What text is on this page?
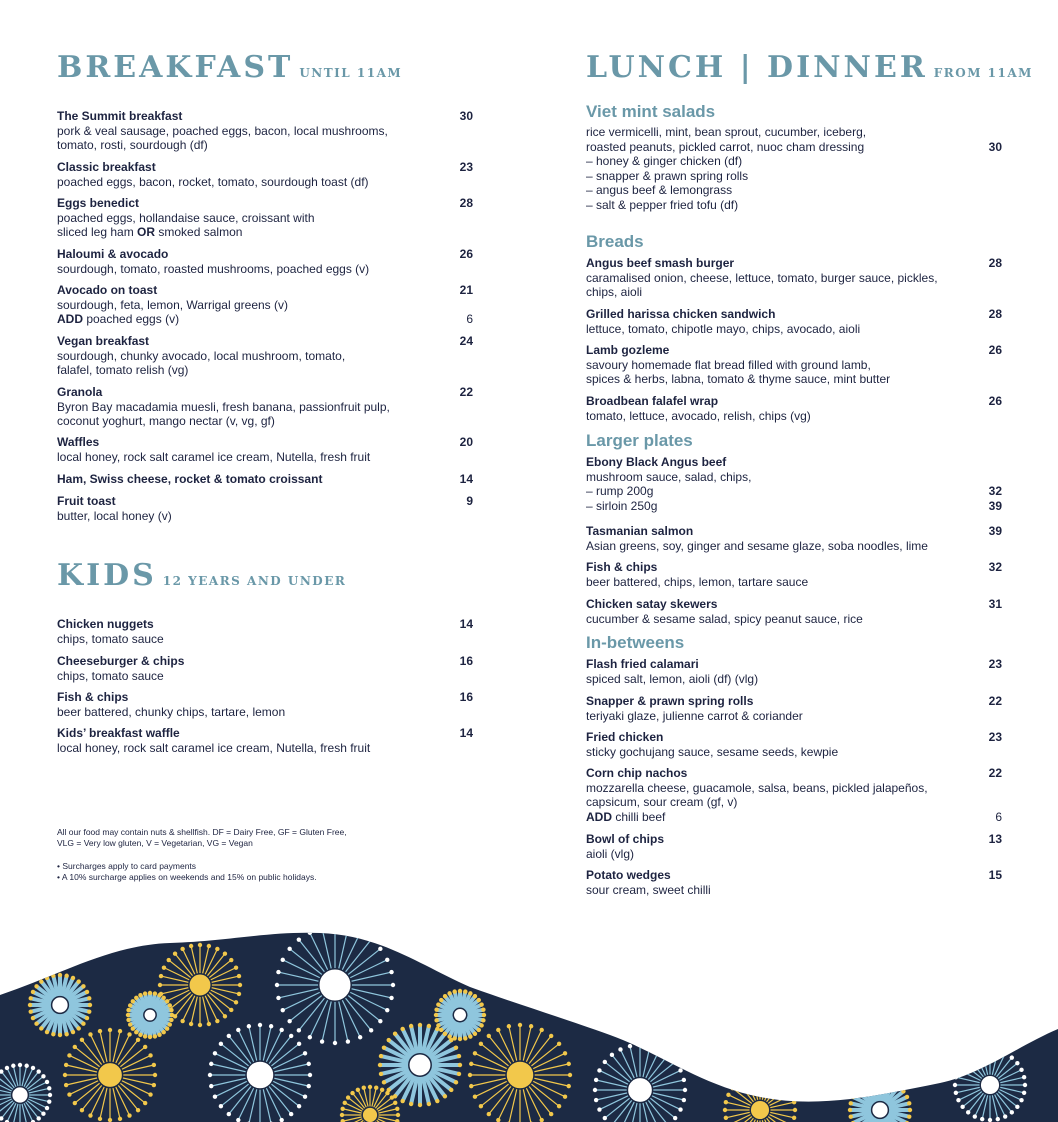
BREAKFAST UNTIL 11AM
The Summit breakfast	30
pork & veal sausage, poached eggs, bacon, local mushrooms,
tomato, rosti, sourdough (df)
Classic breakfast	23
poached eggs, bacon, rocket, tomato, sourdough toast (df)
Eggs benedict	28
poached eggs, hollandaise sauce, croissant with
sliced leg ham OR smoked salmon
Haloumi & avocado	26
sourdough, tomato, roasted mushrooms, poached eggs (v)
Avocado on toast	21
sourdough, feta, lemon, Warrigal greens (v)
ADD poached eggs (v)	6
Vegan breakfast	24
sourdough, chunky avocado, local mushroom, tomato,
falafel, tomato relish (vg)
Granola	22
Byron Bay macadamia muesli, fresh banana, passionfruit pulp,
coconut yoghurt, mango nectar (v, vg, gf)
Waffles	20
local honey, rock salt caramel ice cream, Nutella, fresh fruit
Ham, Swiss cheese, rocket & tomato croissant	14
Fruit toast	9
butter, local honey (v)
KIDS 12 YEARS AND UNDER
Chicken nuggets	14
chips, tomato sauce
Cheeseburger & chips	16
chips, tomato sauce
Fish & chips	16
beer battered, chunky chips, tartare, lemon
Kids’ breakfast waffle	14
local honey, rock salt caramel ice cream, Nutella, fresh fruit
All our food may contain nuts & shellfish. DF = Dairy Free, GF = Gluten Free,
VLG = Very low gluten, V = Vegetarian, VG = Vegan
• Surcharges apply to card payments
• A 10% surcharge applies on weekends and 15% on public holidays.
LUNCH | DINNER FROM 11AM
Viet mint salads
rice vermicelli, mint, bean sprout, cucumber, iceberg,
roasted peanuts, pickled carrot, nuoc cham dressing	30
– honey & ginger chicken (df)
– snapper & prawn spring rolls
– angus beef & lemongrass
– salt & pepper fried tofu (df)
Breads
Angus beef smash burger	28
caramalised onion, cheese, lettuce, tomato, burger sauce, pickles,
chips, aioli
Grilled harissa chicken sandwich	28
lettuce, tomato, chipotle mayo, chips, avocado, aioli
Lamb gozleme	26
savoury homemade flat bread filled with ground lamb,
spices & herbs, labna, tomato & thyme sauce, mint butter
Broadbean falafel wrap	26
tomato, lettuce, avocado, relish, chips (vg)
Larger plates
Ebony Black Angus beef
mushroom sauce, salad, chips,
– rump 200g	32
– sirloin 250g	39
Tasmanian salmon	39
Asian greens, soy, ginger and sesame glaze, soba noodles, lime
Fish & chips	32
beer battered, chips, lemon, tartare sauce
Chicken satay skewers	31
cucumber & sesame salad, spicy peanut sauce, rice
In-betweens
Flash fried calamari	23
spiced salt, lemon, aioli (df) (vlg)
Snapper & prawn spring rolls	22
teriyaki glaze, julienne carrot & coriander
Fried chicken	23
sticky gochujang sauce, sesame seeds, kewpie
Corn chip nachos	22
mozzarella cheese, guacamole, salsa, beans, pickled jalapeños,
capsicum, sour cream (gf, v)
ADD chilli beef	6
Bowl of chips	13
aioli (vlg)
Potato wedges	15
sour cream, sweet chilli
